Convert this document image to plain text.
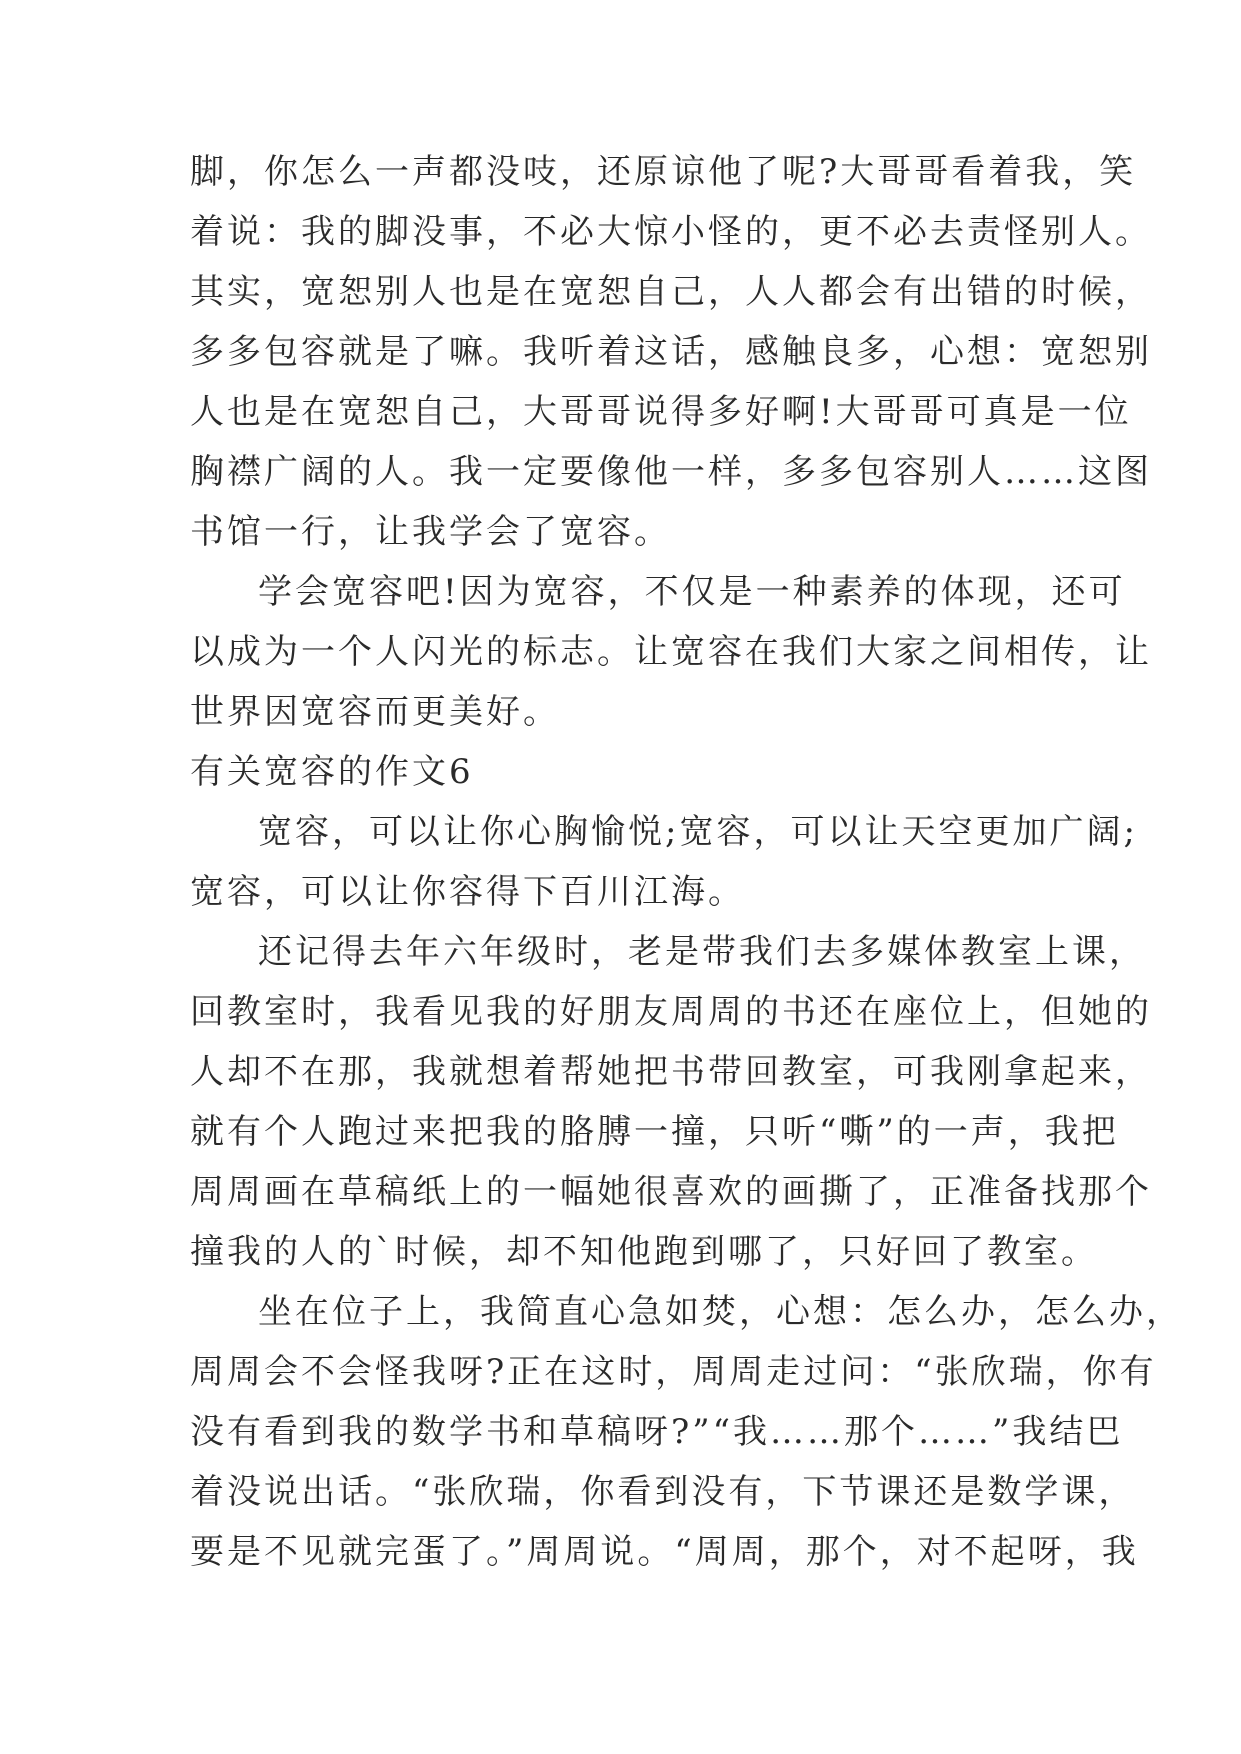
脚，你怎么一声都没吱，还原谅他了呢?大哥哥看着我，笑
着说：我的脚没事，不必大惊小怪的，更不必去责怪别人。
其实，宽恕别人也是在宽恕自己，人人都会有出错的时候，
多多包容就是了嘛。我听着这话，感触良多，心想：宽恕别
人也是在宽恕自己，大哥哥说得多好啊!大哥哥可真是一位
胸襟广阔的人。我一定要像他一样，多多包容别人……这图
书馆一行，让我学会了宽容。
学会宽容吧!因为宽容，不仅是一种素养的体现，还可
以成为一个人闪光的标志。让宽容在我们大家之间相传，让
世界因宽容而更美好。
有关宽容的作文6
宽容，可以让你心胸愉悦;宽容，可以让天空更加广阔;
宽容，可以让你容得下百川江海。
还记得去年六年级时，老是带我们去多媒体教室上课，
回教室时，我看见我的好朋友周周的书还在座位上，但她的
人却不在那，我就想着帮她把书带回教室，可我刚拿起来，
就有个人跑过来把我的胳膊一撞，只听“嘶”的一声，我把
周周画在草稿纸上的一幅她很喜欢的画撕了，正准备找那个
撞我的人的`时候，却不知他跑到哪了，只好回了教室。
坐在位子上，我简直心急如焚，心想：怎么办，怎么办，
周周会不会怪我呀?正在这时，周周走过问：“张欣瑞，你有
没有看到我的数学书和草稿呀?”“我……那个……”我结巴
着没说出话。“张欣瑞，你看到没有，下节课还是数学课，
要是不见就完蛋了。”周周说。“周周，那个，对不起呀，我
